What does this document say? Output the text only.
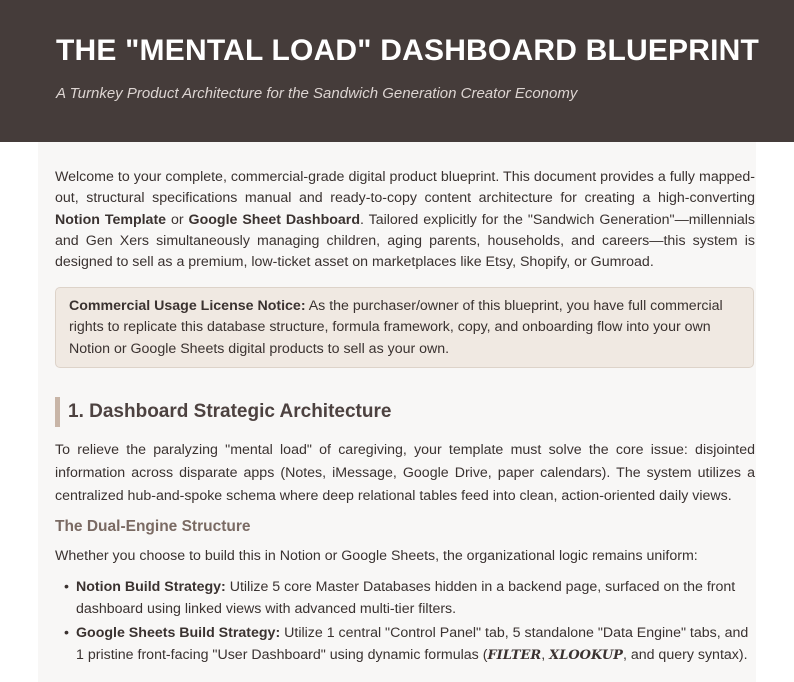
THE "MENTAL LOAD" DASHBOARD BLUEPRINT

A Turnkey Product Architecture for the Sandwich Generation Creator Economy

Welcome to your complete, commercial-grade digital product blueprint. This document provides a fully mapped-out, structural specifications manual and ready-to-copy content architecture for creating a high-converting Notion Template or Google Sheet Dashboard. Tailored explicitly for the "Sandwich Generation"—millennials and Gen Xers simultaneously managing children, aging parents, households, and careers—this system is designed to sell as a premium, low-ticket asset on marketplaces like Etsy, Shopify, or Gumroad.

Commercial Usage License Notice: As the purchaser/owner of this blueprint, you have full commercial rights to replicate this database structure, formula framework, copy, and onboarding flow into your own Notion or Google Sheets digital products to sell as your own.
1. Dashboard Strategic Architecture

To relieve the paralyzing "mental load" of caregiving, your template must solve the core issue: disjointed information across disparate apps (Notes, iMessage, Google Drive, paper calendars). The system utilizes a centralized hub-and-spoke schema where deep relational tables feed into clean, action-oriented daily views.

The Dual-Engine Structure

Whether you choose to build this in Notion or Google Sheets, the organizational logic remains uniform:

• Notion Build Strategy: Utilize 5 core Master Databases hidden in a backend page, surfaced on the front dashboard using linked views with advanced multi-tier filters.
• Google Sheets Build Strategy: Utilize 1 central "Control Panel" tab, 5 standalone "Data Engine" tabs, and 1 pristine front-facing "User Dashboard" using dynamic formulas (FILTER, XLOOKUP, and query syntax).
